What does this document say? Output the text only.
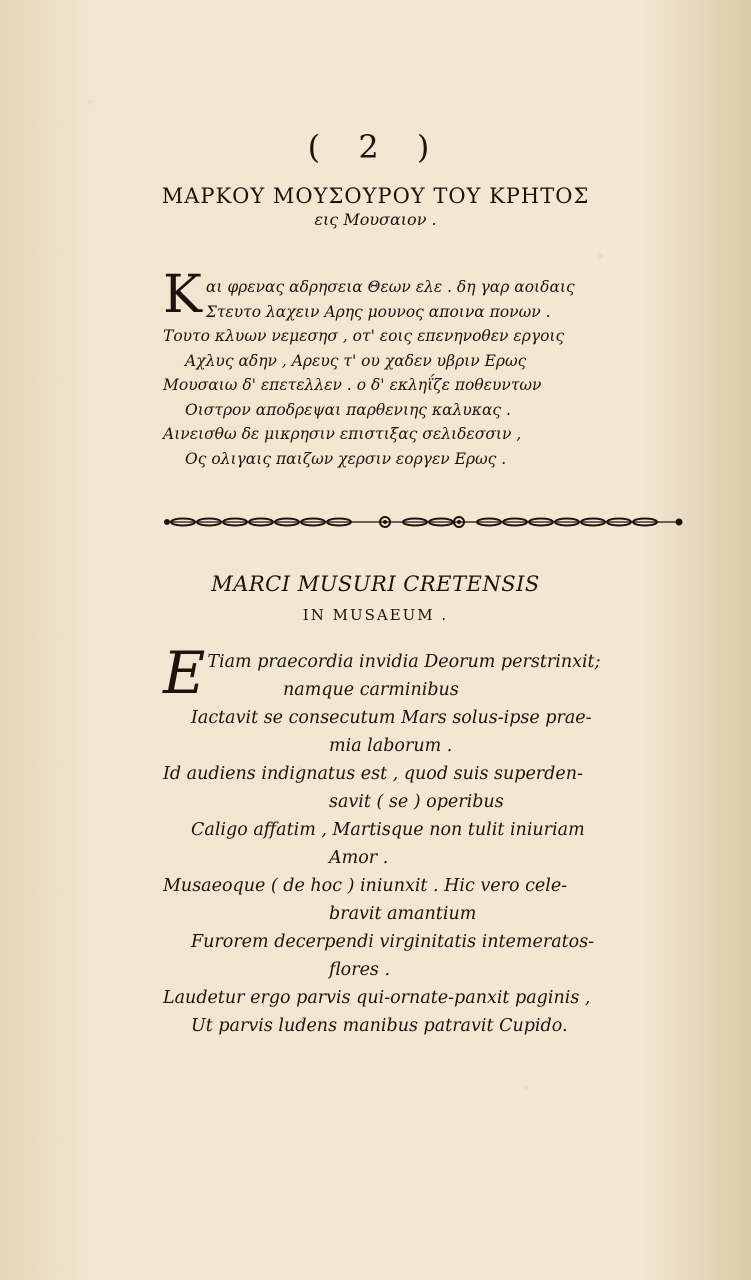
( 2 )
ΜΑΡΚΟΥ ΜΟΥΣΟΥΡΟΥ ΤΟΥ ΚΡΗΤΟΣ
εις Μουσαιον .
Κ αι φρενας αδρησεια Θεων ελε . δη γαρ αοιδαις
Στευτο λαχειν Αρης μουνος αποινα πονων .
Τουτο κλυων νεμεσησ , οτ' εοις επενηνοθεν εργοις
Αχλυς αδην , Αρευς τ' ου χαδεν υβριν Ερως
Μουσαιω δ' επετελλεν . ο δ' εκληΐζε ποθευντων
Οιστρον αποδρεψαι παρθενιης καλυκας .
Αινεισθω δε μικρησιν επιστιξας σελιδεσσιν ,
Ος ολιγαις παιζων χερσιν εοργεν Ερως .
MARCI MUSURI CRETENSIS
IN MUSAEUM .
E Tiam praecordia invidia Deorum perstrinxit;
namque carminibus
Iactavit se consecutum Mars solus-ipse prae-
mia laborum .
Id audiens indignatus est , quod suis superden-
savit ( se ) operibus
Caligo affatim , Martisque non tulit iniuriam
Amor .
Musaeoque ( de hoc ) iniunxit . Hic vero cele-
bravit amantium
Furorem decerpendi virginitatis intemeratos-
flores .
Laudetur ergo parvis qui-ornate-panxit paginis ,
Ut parvis ludens manibus patravit Cupido.
